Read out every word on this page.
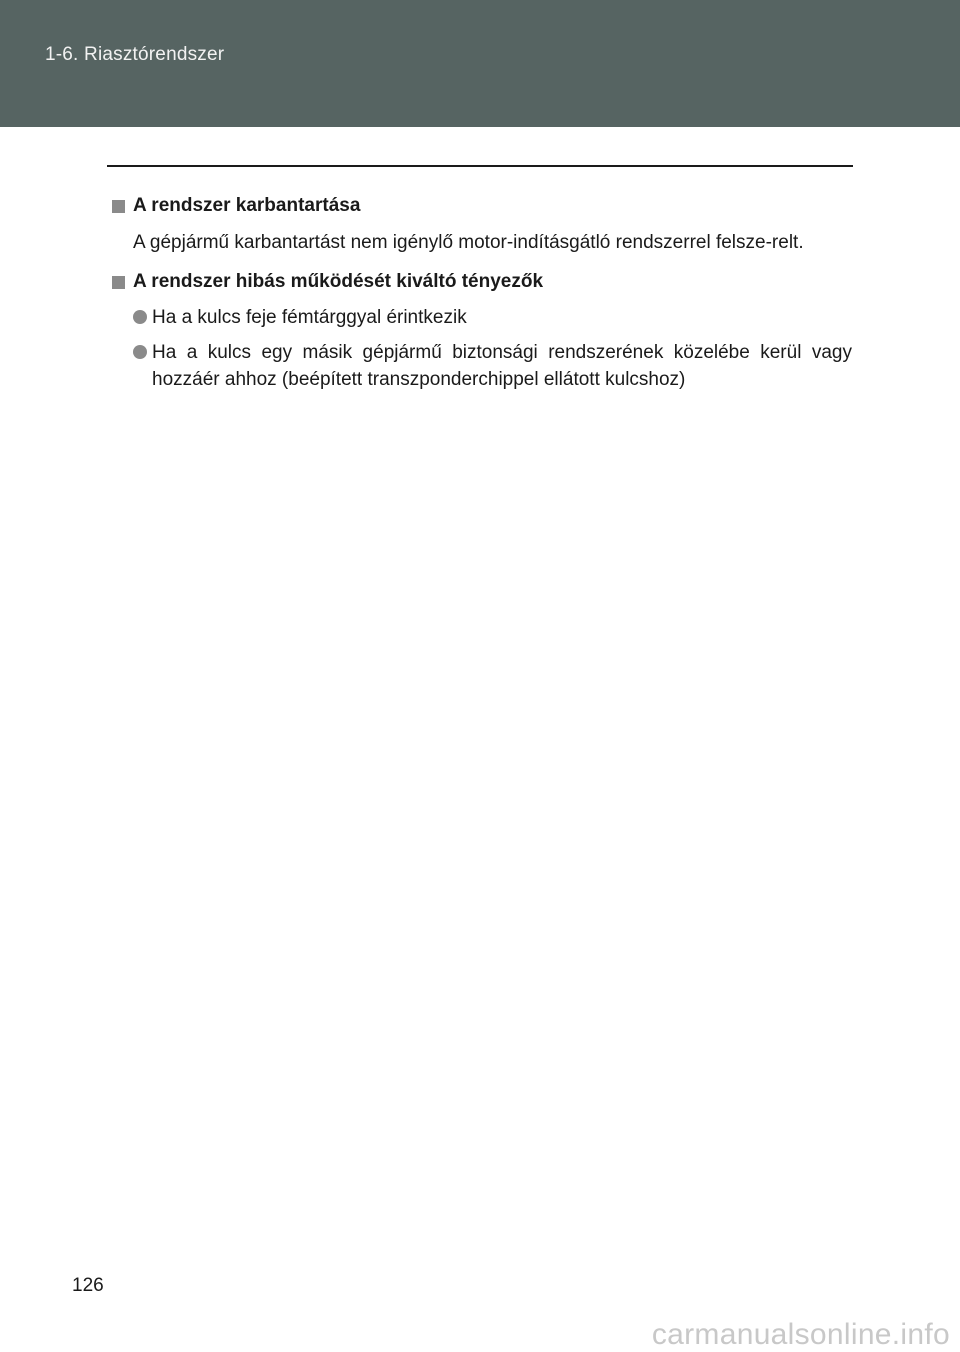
1-6. Riasztórendszer
A rendszer karbantartása
A gépjármű karbantartást nem igénylő motor-indításgátló rendszerrel felsze-relt.
A rendszer hibás működését kiváltó tényezők
Ha a kulcs feje fémtárggyal érintkezik
Ha a kulcs egy másik gépjármű biztonsági rendszerének közelébe kerül vagy hozzáér ahhoz (beépített transzponderchippel ellátott kulcshoz)
126
carmanualsonline.info
